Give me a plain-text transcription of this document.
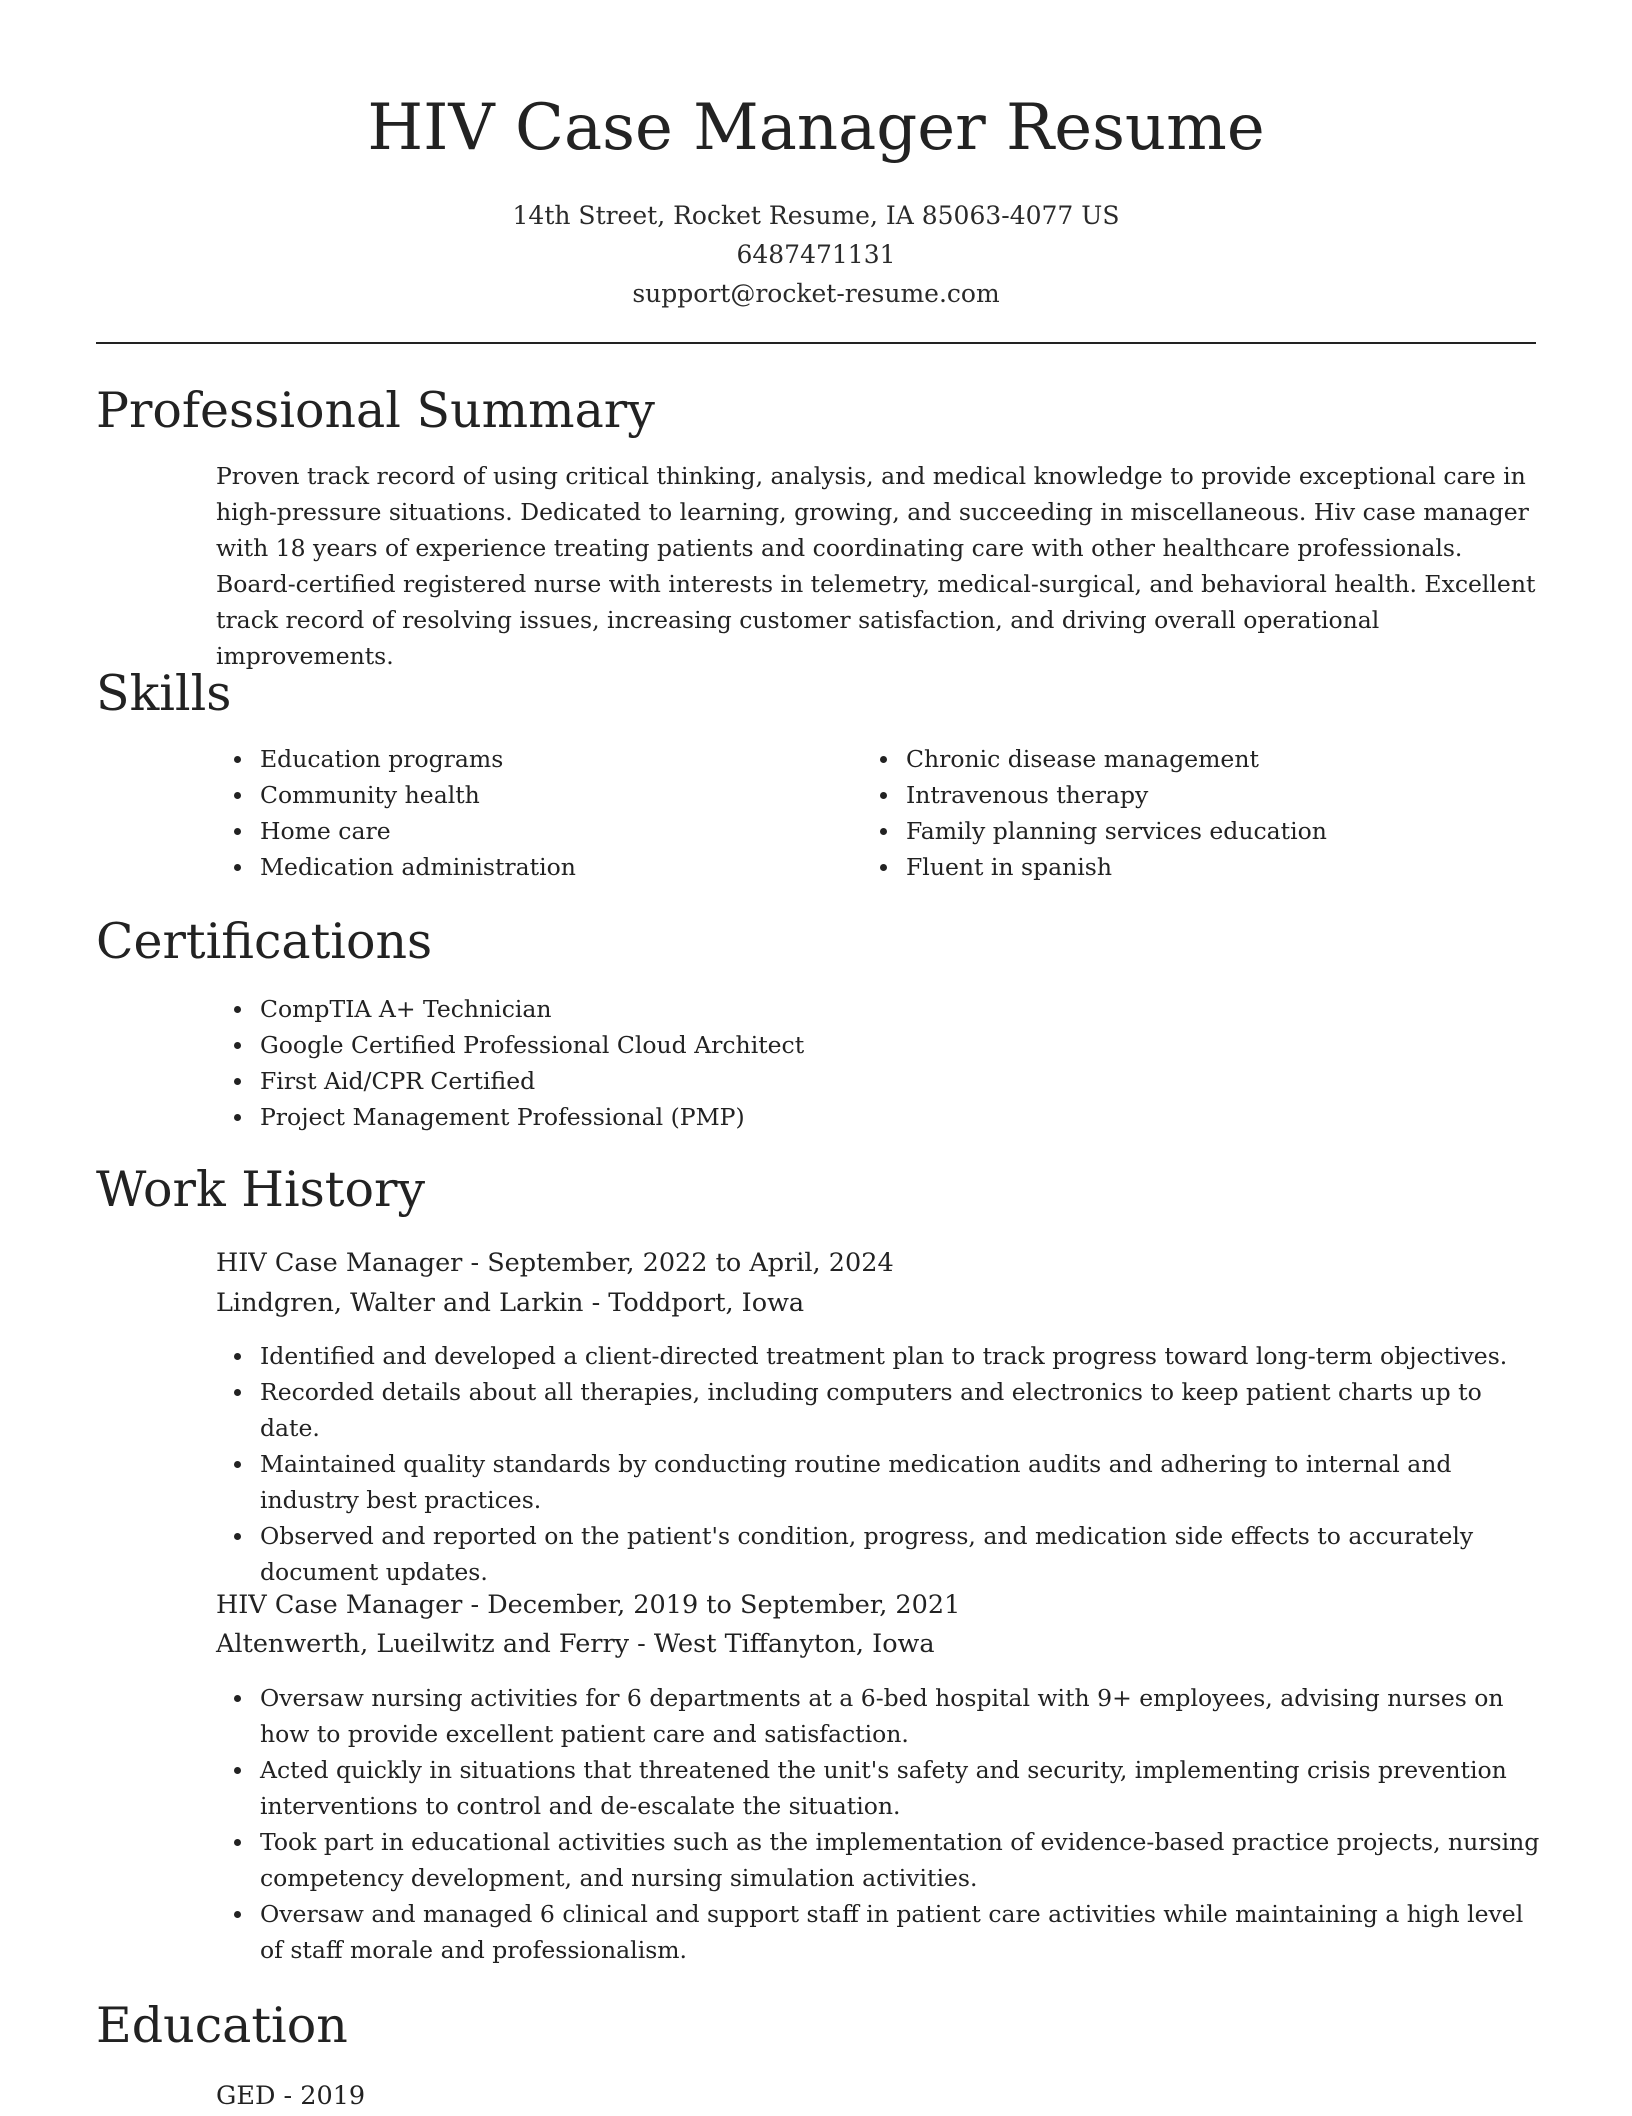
HIV Case Manager Resume
14th Street, Rocket Resume, IA 85063-4077 US
6487471131
support@rocket-resume.com
Professional Summary

Proven track record of using critical thinking, analysis, and medical knowledge to provide exceptional care in high-pressure situations. Dedicated to learning, growing, and succeeding in miscellaneous. Hiv case manager with 18 years of experience treating patients and coordinating care with other healthcare professionals. Board-certified registered nurse with interests in telemetry, medical-surgical, and behavioral health. Excellent track record of resolving issues, increasing customer satisfaction, and driving overall operational improvements.

Skills
Education programs
Community health
Home care
Medication administration
Chronic disease management
Intravenous therapy
Family planning services education
Fluent in spanish
Certifications
CompTIA A+ Technician
Google Certified Professional Cloud Architect
First Aid/CPR Certified
Project Management Professional (PMP)
Work History
HIV Case Manager - September, 2022 to April, 2024
Lindgren, Walter and Larkin - Toddport, Iowa
Identified and developed a client-directed treatment plan to track progress toward long-term objectives.
Recorded details about all therapies, including computers and electronics to keep patient charts up to date.
Maintained quality standards by conducting routine medication audits and adhering to internal and industry best practices.
Observed and reported on the patient's condition, progress, and medication side effects to accurately document updates.
HIV Case Manager - December, 2019 to September, 2021
Altenwerth, Lueilwitz and Ferry - West Tiffanyton, Iowa
Oversaw nursing activities for 6 departments at a 6-bed hospital with 9+ employees, advising nurses on how to provide excellent patient care and satisfaction.
Acted quickly in situations that threatened the unit's safety and security, implementing crisis prevention interventions to control and de-escalate the situation.
Took part in educational activities such as the implementation of evidence-based practice projects, nursing competency development, and nursing simulation activities.
Oversaw and managed 6 clinical and support staff in patient care activities while maintaining a high level of staff morale and professionalism.
Education
GED - 2019
